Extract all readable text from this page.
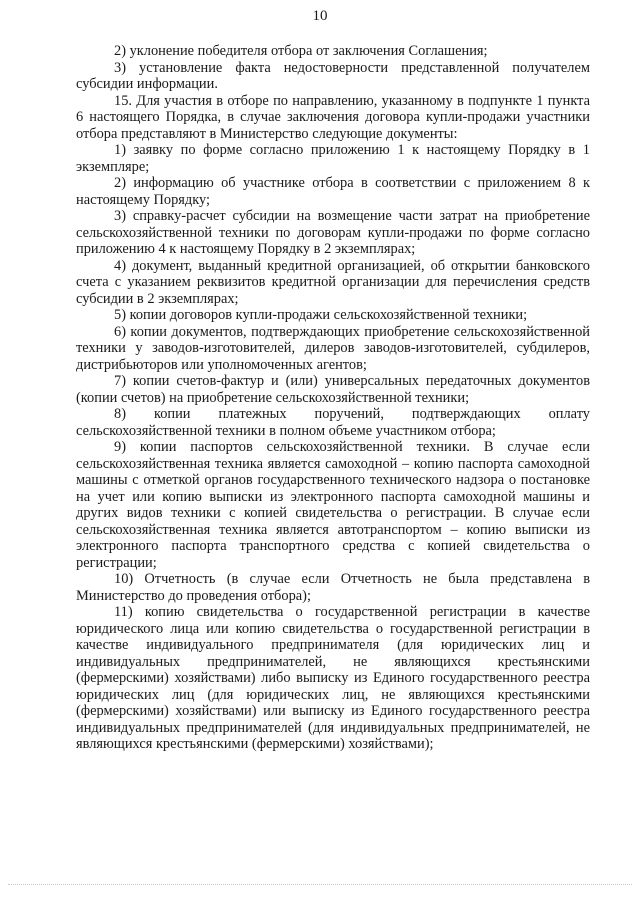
10

2) уклонение победителя отбора от заключения Соглашения;

3) установление факта недостоверности представленной получателем субсидии информации.

15. Для участия в отборе по направлению, указанному в подпункте 1 пункта 6 настоящего Порядка, в случае заключения договора купли-продажи участники отбора представляют в Министерство следующие документы:

1) заявку по форме согласно приложению 1 к настоящему Порядку в 1 экземпляре;

2) информацию об участнике отбора в соответствии с приложением 8 к настоящему Порядку;

3) справку-расчет субсидии на возмещение части затрат на приобретение сельскохозяйственной техники по договорам купли-продажи по форме согласно приложению 4 к настоящему Порядку в 2 экземплярах;

4) документ, выданный кредитной организацией, об открытии банковского счета с указанием реквизитов кредитной организации для перечисления средств субсидии в 2 экземплярах;

5) копии договоров купли-продажи сельскохозяйственной техники;

6) копии документов, подтверждающих приобретение сельскохозяйственной техники у заводов-изготовителей, дилеров заводов-изготовителей, субдилеров, дистрибьюторов или уполномоченных агентов;

7) копии счетов-фактур и (или) универсальных передаточных документов (копии счетов) на приобретение сельскохозяйственной техники;

8) копии платежных поручений, подтверждающих оплату сельскохозяйственной техники в полном объеме участником отбора;

9) копии паспортов сельскохозяйственной техники. В случае если сельскохозяйственная техника является самоходной – копию паспорта самоходной машины с отметкой органов государственного технического надзора о постановке на учет или копию выписки из электронного паспорта самоходной машины и других видов техники с копией свидетельства о регистрации. В случае если сельскохозяйственная техника является автотранспортом – копию выписки из электронного паспорта транспортного средства с копией свидетельства о регистрации;

10) Отчетность (в случае если Отчетность не была представлена в Министерство до проведения отбора);

11) копию свидетельства о государственной регистрации в качестве юридического лица или копию свидетельства о государственной регистрации в качестве индивидуального предпринимателя (для юридических лиц и индивидуальных предпринимателей, не являющихся крестьянскими (фермерскими) хозяйствами) либо выписку из Единого государственного реестра юридических лиц (для юридических лиц, не являющихся крестьянскими (фермерскими) хозяйствами) или выписку из Единого государственного реестра индивидуальных предпринимателей (для индивидуальных предпринимателей, не являющихся крестьянскими (фермерскими) хозяйствами);
